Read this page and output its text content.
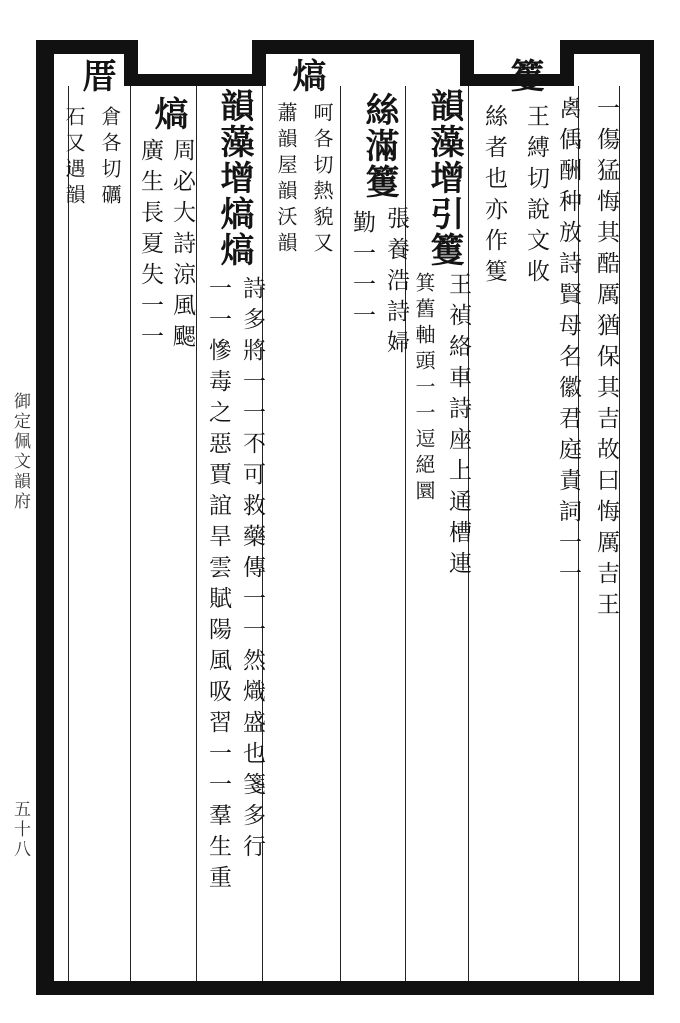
御定佩文韻府
五十八
一傷猛悔其酷厲猶保其吉故曰悔厲吉王
禼偊酬种放詩賢母名徽君庭責詞一一
籆
王縛切說文收
絲者也亦作篗
韻藻增引籆
王禎絡車詩座上通槽連
箕舊軸頭一一逗絕圜
絲滿籆
張養浩詩婦
勤一一一
熇
呵各切熱貌又
蕭韻屋韻沃韻
韻藻增熇熇
詩多將一一不可救藥傳一一然熾盛也箋多行
一一慘毒之惡賈誼旱雲賦陽風吸習一一羣生重
熇
周必大詩涼風颸
廣生長夏失一一
厝
倉各切礪
石又遇韻
